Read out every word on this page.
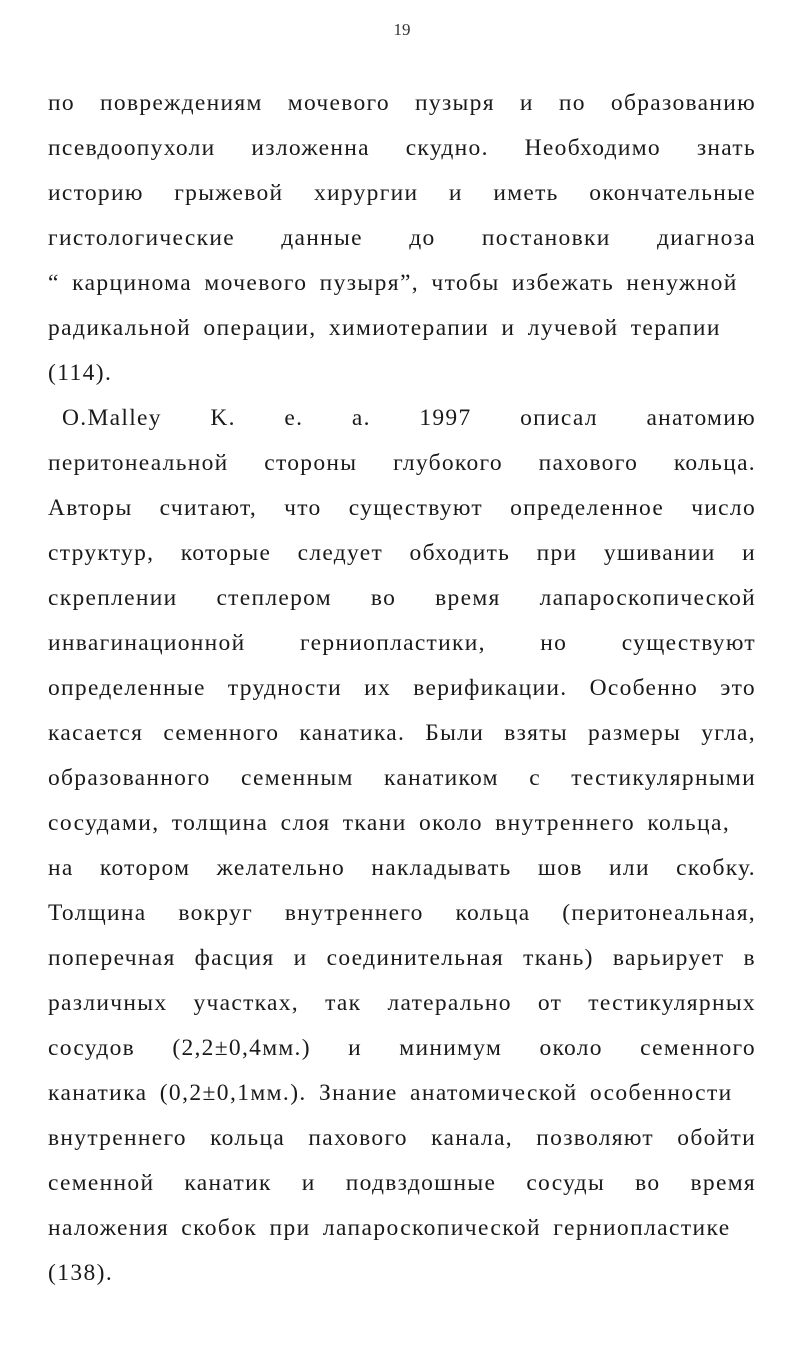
19
по повреждениям мочевого пузыря и по образованию
псевдоопухоли изложенна скудно. Необходимо знать
историю грыжевой хирургии и иметь окончательные
гистологические данные до постановки диагноза
“ карцинома мочевого пузыря”, чтобы избежать ненужной
радикальной операции, химиотерапии и лучевой терапии
(114).
O.Malley K. e. a. 1997 описал анатомию
перитонеальной стороны глубокого пахового кольца.
Авторы считают, что существуют определенное число
структур, которые следует обходить при ушивании и
скреплении степлером во время лапароскопической
инвагинационной герниопластики, но существуют
определенные трудности их верификации. Особенно это
касается семенного канатика. Были взяты размеры угла,
образованного семенным канатиком с тестикулярными
сосудами, толщина слоя ткани около внутреннего кольца,
на котором желательно накладывать шов или скобку.
Толщина вокруг внутреннего кольца (перитонеальная,
поперечная фасция и соединительная ткань) варьирует в
различных участках, так латерально от тестикулярных
сосудов (2,2±0,4мм.) и минимум около семенного
канатика (0,2±0,1мм.). Знание анатомической особенности
внутреннего кольца пахового канала, позволяют обойти
семенной канатик и подвздошные сосуды во время
наложения скобок при лапароскопической герниопластике
(138).
